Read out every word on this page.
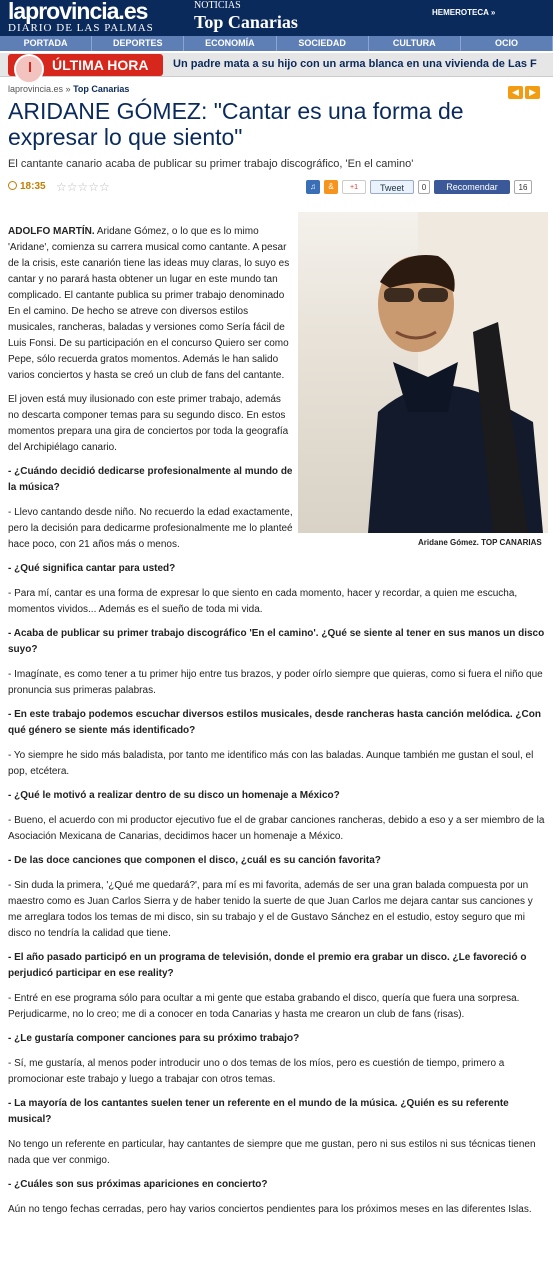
laprovincia.es
DIARIO DE LAS PALMAS
NOTICIAS
Top Canarias	HEMEROTECA »
PORTADA	DEPORTES	ECONOMÍA	SOCIEDAD	CULTURA	OCIO
ÚLTIMA HORA	Un padre mata a su hijo con un arma blanca en una vivienda de Las F
laprovincia.es » Top Canarias	◀ ▶
ARIDANE GÓMEZ: "Cantar es una forma de expresar lo que siento"
El cantante canario acaba de publicar su primer trabajo discográfico, 'En el camino'
18:35 ☆☆☆☆☆	♫	&	+1	Tweet	0	Recomendar	16
Aridane Gómez. TOP CANARIAS
ADOLFO MARTÍN. Aridane Gómez, o lo que es lo mimo 'Aridane', comienza su carrera musical como cantante. A pesar de la crisis, este canarión tiene las ideas muy claras, lo suyo es cantar y no parará hasta obtener un lugar en este mundo tan complicado. El cantante publica su primer trabajo denominado En el camino. De hecho se atreve con diversos estilos musicales, rancheras, baladas y versiones como Sería fácil de Luis Fonsi. De su participación en el concurso Quiero ser como Pepe, sólo recuerda gratos momentos. Además le han salido varios conciertos y hasta se creó un club de fans del cantante.
El joven está muy ilusionado con este primer trabajo, además no descarta componer temas para su segundo disco. En estos momentos prepara una gira de conciertos por toda la geografía del Archipiélago canario.
- ¿Cuándo decidió dedicarse profesionalmente al mundo de la música?
- Llevo cantando desde niño. No recuerdo la edad exactamente, pero la decisión para dedicarme profesionalmente me lo planteé hace poco, con 21 años más o menos.
- ¿Qué significa cantar para usted?
- Para mí, cantar es una forma de expresar lo que siento en cada momento, hacer y recordar, a quien me escucha, momentos vividos... Además es el sueño de toda mi vida.
- Acaba de publicar su primer trabajo discográfico 'En el camino'. ¿Qué se siente al tener en sus manos un disco suyo?
- Imagínate, es como tener a tu primer hijo entre tus brazos, y poder oírlo siempre que quieras, como si fuera el niño que pronuncia sus primeras palabras.
- En este trabajo podemos escuchar diversos estilos musicales, desde rancheras hasta canción melódica. ¿Con qué género se siente más identificado?
- Yo siempre he sido más baladista, por tanto me identifico más con las baladas. Aunque también me gustan el soul, el pop, etcétera.
- ¿Qué le motivó a realizar dentro de su disco un homenaje a México?
- Bueno, el acuerdo con mi productor ejecutivo fue el de grabar canciones rancheras, debido a eso y a ser miembro de la Asociación Mexicana de Canarias, decidimos hacer un homenaje a México.
- De las doce canciones que componen el disco, ¿cuál es su canción favorita?
- Sin duda la primera, '¿Qué me quedará?', para mí es mi favorita, además de ser una gran balada compuesta por un maestro como es Juan Carlos Sierra y de haber tenido la suerte de que Juan Carlos me dejara cantar sus canciones y me arreglara todos los temas de mi disco, sin su trabajo y el de Gustavo Sánchez en el estudio, estoy seguro que mi disco no tendría la calidad que tiene.
- El año pasado participó en un programa de televisión, donde el premio era grabar un disco. ¿Le favoreció o perjudicó participar en ese reality?
- Entré en ese programa sólo para ocultar a mi gente que estaba grabando el disco, quería que fuera una sorpresa. Perjudicarme, no lo creo; me di a conocer en toda Canarias y hasta me crearon un club de fans (risas).
- ¿Le gustaría componer canciones para su próximo trabajo?
- Sí, me gustaría, al menos poder introducir uno o dos temas de los míos, pero es cuestión de tiempo, primero a promocionar este trabajo y luego a trabajar con otros temas.
- La mayoría de los cantantes suelen tener un referente en el mundo de la música. ¿Quién es su referente musical?
No tengo un referente en particular, hay cantantes de siempre que me gustan, pero ni sus estilos ni sus técnicas tienen nada que ver conmigo.
- ¿Cuáles son sus próximas apariciones en concierto?
Aún no tengo fechas cerradas, pero hay varios conciertos pendientes para los próximos meses en las diferentes Islas.
